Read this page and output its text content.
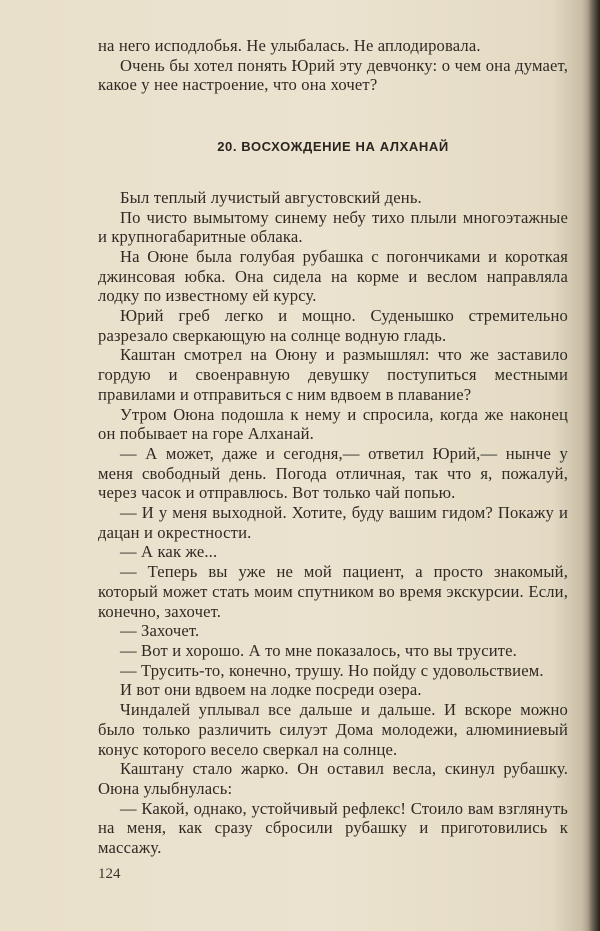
на него исподлобья. Не улыбалась. Не аплодировала.

Очень бы хотел понять Юрий эту девчонку: о чем она думает, какое у нее настроение, что она хочет?

20. ВОСХОЖДЕНИЕ НА АЛХАНАЙ

Был теплый лучистый августовский день.

По чисто вымытому синему небу тихо плыли многоэтажные и крупногабаритные облака.

На Оюне была голубая рубашка с погончиками и короткая джинсовая юбка. Она сидела на корме и веслом направляла лодку по известному ей курсу.

Юрий греб легко и мощно. Суденышко стремительно разрезало сверкающую на солнце водную гладь.

Каштан смотрел на Оюну и размышлял: что же заставило гордую и своенравную девушку поступиться местными правилами и отправиться с ним вдвоем в плавание?

Утром Оюна подошла к нему и спросила, когда же наконец он побывает на горе Алханай.

— А может, даже и сегодня,— ответил Юрий,— нынче у меня свободный день. Погода отличная, так что я, пожалуй, через часок и отправлюсь. Вот только чай попью.

— И у меня выходной. Хотите, буду вашим гидом? Покажу и дацан и окрестности.

— А как же...

— Теперь вы уже не мой пациент, а просто знакомый, который может стать моим спутником во время экскурсии. Если, конечно, захочет.

— Захочет.

— Вот и хорошо. А то мне показалось, что вы трусите.

— Трусить-то, конечно, трушу. Но пойду с удовольствием.

И вот они вдвоем на лодке посреди озера.

Чиндалей уплывал все дальше и дальше. И вскоре можно было только различить силуэт Дома молодежи, алюминиевый конус которого весело сверкал на солнце.

Каштану стало жарко. Он оставил весла, скинул рубашку. Оюна улыбнулась:

— Какой, однако, устойчивый рефлекс! Стоило вам взглянуть на меня, как сразу сбросили рубашку и приготовились к массажу.

124
